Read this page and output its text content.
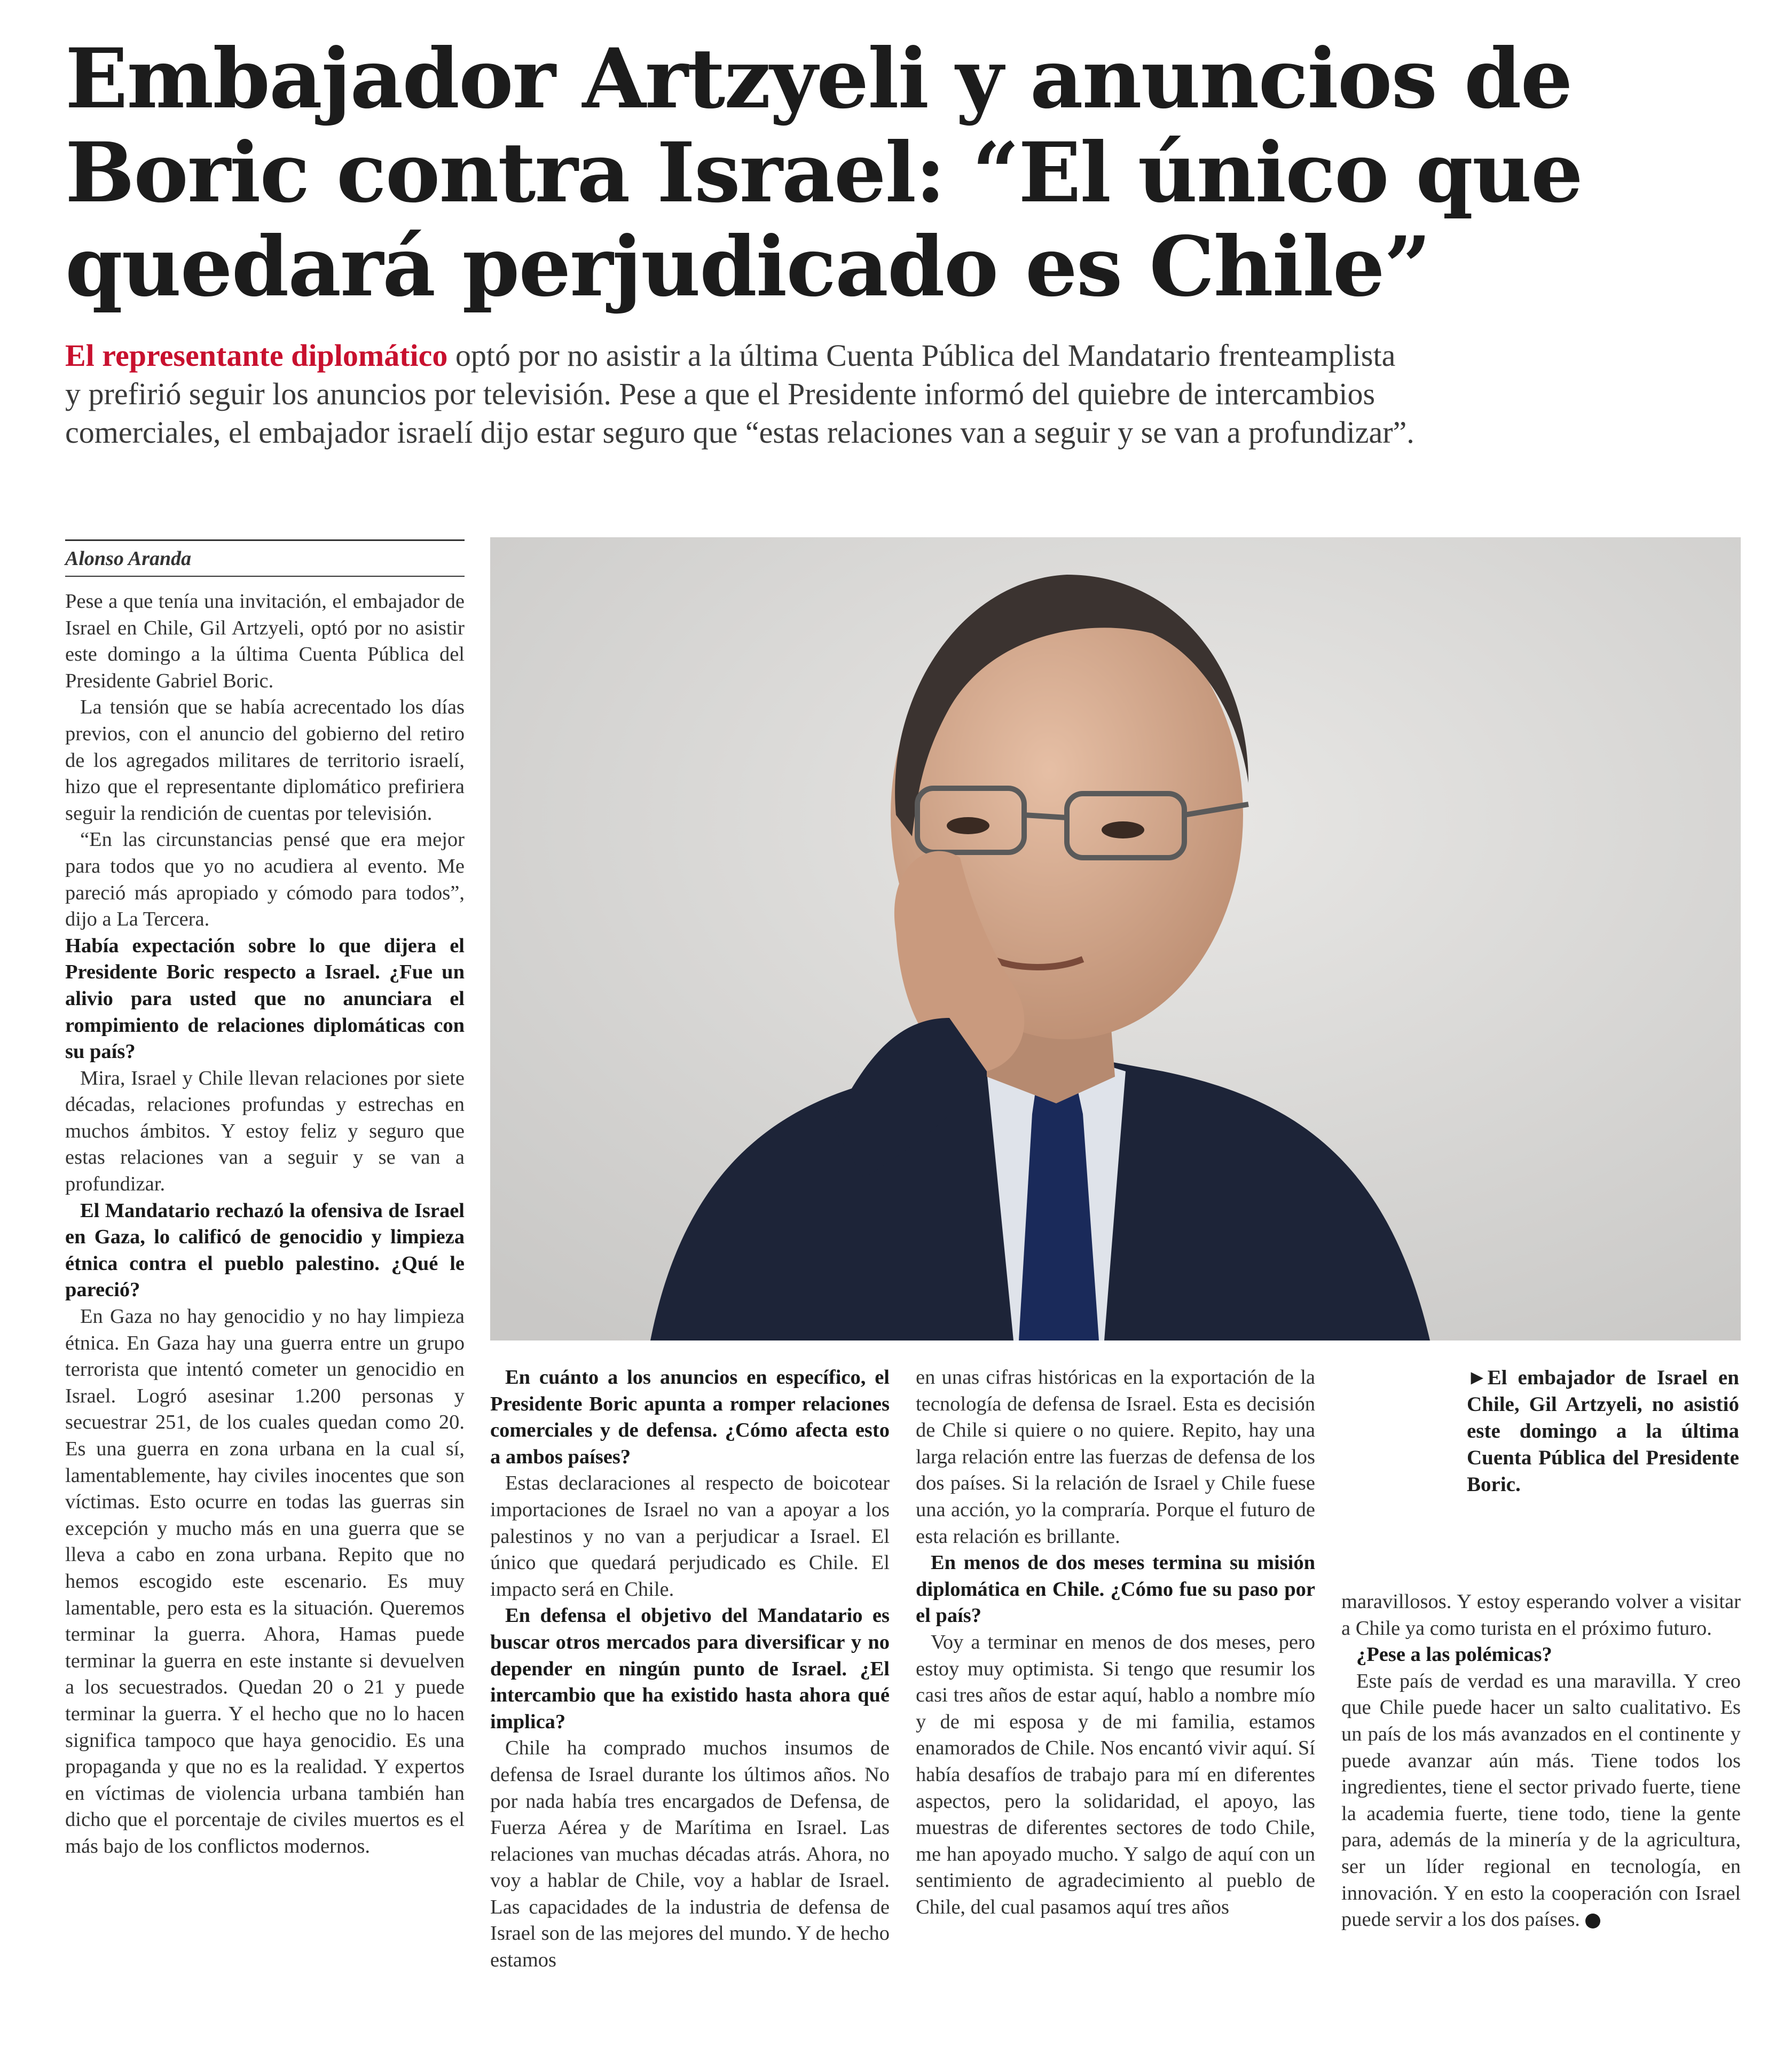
Embajador Artzyeli y anuncios de
Boric contra Israel: “El único que
quedará perjudicado es Chile”
El representante diplomático optó por no asistir a la última Cuenta Pública del Mandatario frenteamplista
y prefirió seguir los anuncios por televisión. Pese a que el Presidente informó del quiebre de intercambios
comerciales, el embajador israelí dijo estar seguro que “estas relaciones van a seguir y se van a profundizar”.
Alonso Aranda

Pese a que tenía una invitación, el embajador de Israel en Chile, Gil Artzyeli, optó por no asistir este domingo a la última Cuenta Pública del Presidente Gabriel Boric.

La tensión que se había acrecentado los días previos, con el anuncio del gobierno del retiro de los agregados militares de territorio israelí, hizo que el representante diplomático prefiriera seguir la rendición de cuentas por televisión.

“En las circunstancias pensé que era mejor para todos que yo no acudiera al evento. Me pareció más apropiado y cómodo para todos”, dijo a La Tercera.

Había expectación sobre lo que dijera el Presidente Boric respecto a Israel. ¿Fue un alivio para usted que no anunciara el rompimiento de relaciones diplomáticas con su país?

Mira, Israel y Chile llevan relaciones por siete décadas, relaciones profundas y estrechas en muchos ámbitos. Y estoy feliz y seguro que estas relaciones van a seguir y se van a profundizar.

El Mandatario rechazó la ofensiva de Israel en Gaza, lo calificó de genocidio y limpieza étnica contra el pueblo palestino. ¿Qué le pareció?

En Gaza no hay genocidio y no hay limpieza étnica. En Gaza hay una guerra entre un grupo terrorista que intentó cometer un genocidio en Israel. Logró asesinar 1.200 personas y secuestrar 251, de los cuales quedan como 20. Es una guerra en zona urbana en la cual sí, lamentablemente, hay civiles inocentes que son víctimas. Esto ocurre en todas las guerras sin excepción y mucho más en una guerra que se lleva a cabo en zona urbana. Repito que no hemos escogido este escenario. Es muy lamentable, pero esta es la situación. Queremos terminar la guerra. Ahora, Hamas puede terminar la guerra en este instante si devuelven a los secuestrados. Quedan 20 o 21 y puede terminar la guerra. Y el hecho que no lo hacen significa tampoco que haya genocidio. Es una propaganda y que no es la realidad. Y expertos en víctimas de violencia urbana también han dicho que el porcentaje de civiles muertos es el más bajo de los conflictos modernos.

►El embajador de Israel en Chile, Gil Artzyeli, no asistió este domingo a la última Cuenta Pública del Presidente Boric.

En cuánto a los anuncios en específico, el Presidente Boric apunta a romper relaciones comerciales y de defensa. ¿Cómo afecta esto a ambos países?

Estas declaraciones al respecto de boicotear importaciones de Israel no van a apoyar a los palestinos y no van a perjudicar a Israel. El único que quedará perjudicado es Chile. El impacto será en Chile.

En defensa el objetivo del Mandatario es buscar otros mercados para diversificar y no depender en ningún punto de Israel. ¿El intercambio que ha existido hasta ahora qué implica?

Chile ha comprado muchos insumos de defensa de Israel durante los últimos años. No por nada había tres encargados de Defensa, de Fuerza Aérea y de Marítima en Israel. Las relaciones van muchas décadas atrás. Ahora, no voy a hablar de Chile, voy a hablar de Israel. Las capacidades de la industria de defensa de Israel son de las mejores del mundo. Y de hecho estamos

en unas cifras históricas en la exportación de la tecnología de defensa de Israel. Esta es decisión de Chile si quiere o no quiere. Repito, hay una larga relación entre las fuerzas de defensa de los dos países. Si la relación de Israel y Chile fuese una acción, yo la compraría. Porque el futuro de esta relación es brillante.

En menos de dos meses termina su misión diplomática en Chile. ¿Cómo fue su paso por el país?

Voy a terminar en menos de dos meses, pero estoy muy optimista. Si tengo que resumir los casi tres años de estar aquí, hablo a nombre mío y de mi esposa y de mi familia, estamos enamorados de Chile. Nos encantó vivir aquí. Sí había desafíos de trabajo para mí en diferentes aspectos, pero la solidaridad, el apoyo, las muestras de diferentes sectores de todo Chile, me han apoyado mucho. Y salgo de aquí con un sentimiento de agradecimiento al pueblo de Chile, del cual pasamos aquí tres años

maravillosos. Y estoy esperando volver a visitar a Chile ya como turista en el próximo futuro.

¿Pese a las polémicas?

Este país de verdad es una maravilla. Y creo que Chile puede hacer un salto cualitativo. Es un país de los más avanzados en el continente y puede avanzar aún más. Tiene todos los ingredientes, tiene el sector privado fuerte, tiene la academia fuerte, tiene todo, tiene la gente para, además de la minería y de la agricultura, ser un líder regional en tecnología, en innovación. Y en esto la cooperación con Israel puede servir a los dos países.
